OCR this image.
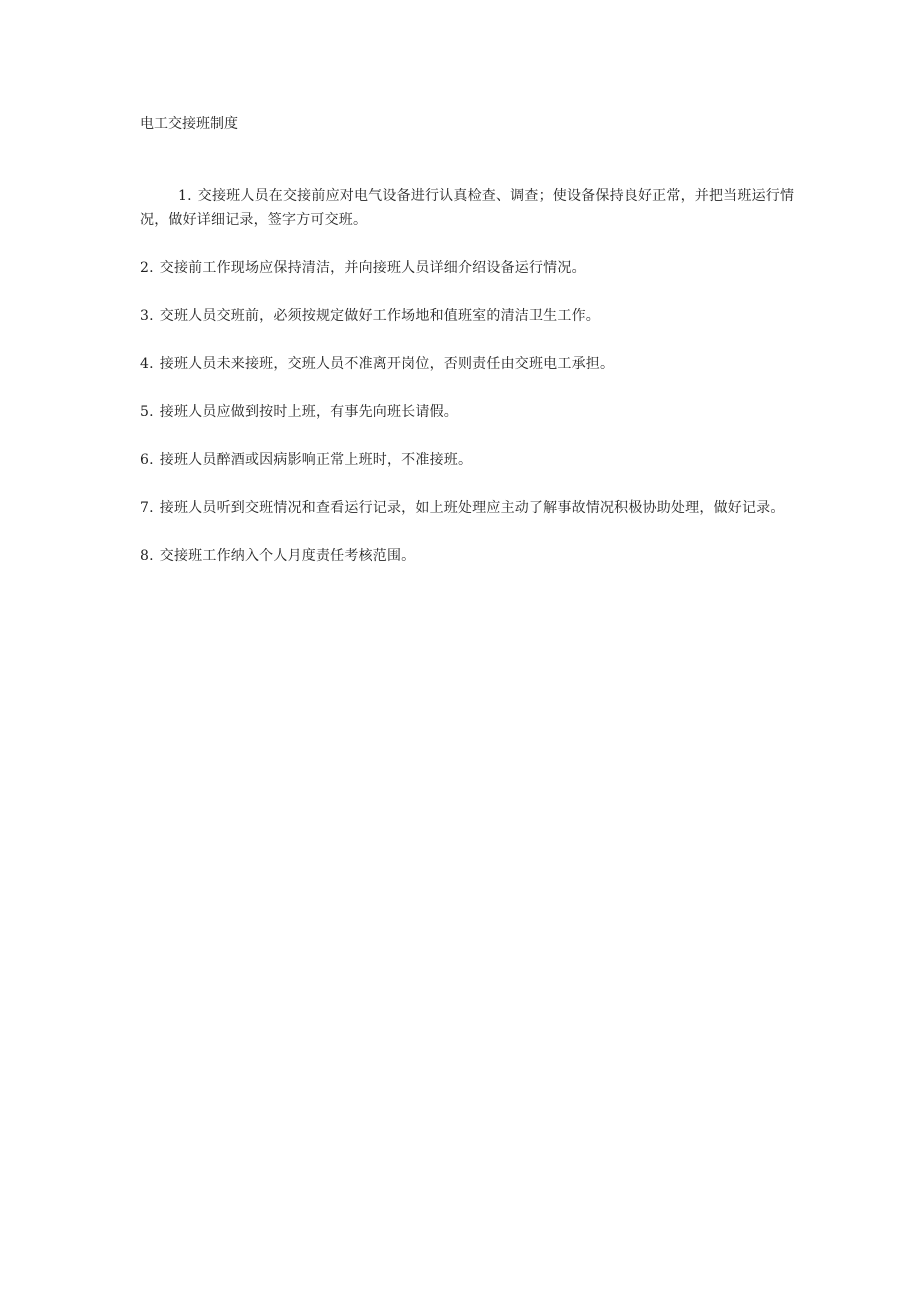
电工交接班制度
1. 交接班人员在交接前应对电气设备进行认真检查、调查；使设备保持良好正常，并把当班运行情况，做好详细记录，签字方可交班。
2. 交接前工作现场应保持清洁，并向接班人员详细介绍设备运行情况。
3. 交班人员交班前，必须按规定做好工作场地和值班室的清洁卫生工作。
4. 接班人员未来接班，交班人员不准离开岗位，否则责任由交班电工承担。
5. 接班人员应做到按时上班，有事先向班长请假。
6. 接班人员醉酒或因病影响正常上班时，不准接班。
7. 接班人员听到交班情况和查看运行记录，如上班处理应主动了解事故情况积极协助处理，做好记录。
8. 交接班工作纳入个人月度责任考核范围。
